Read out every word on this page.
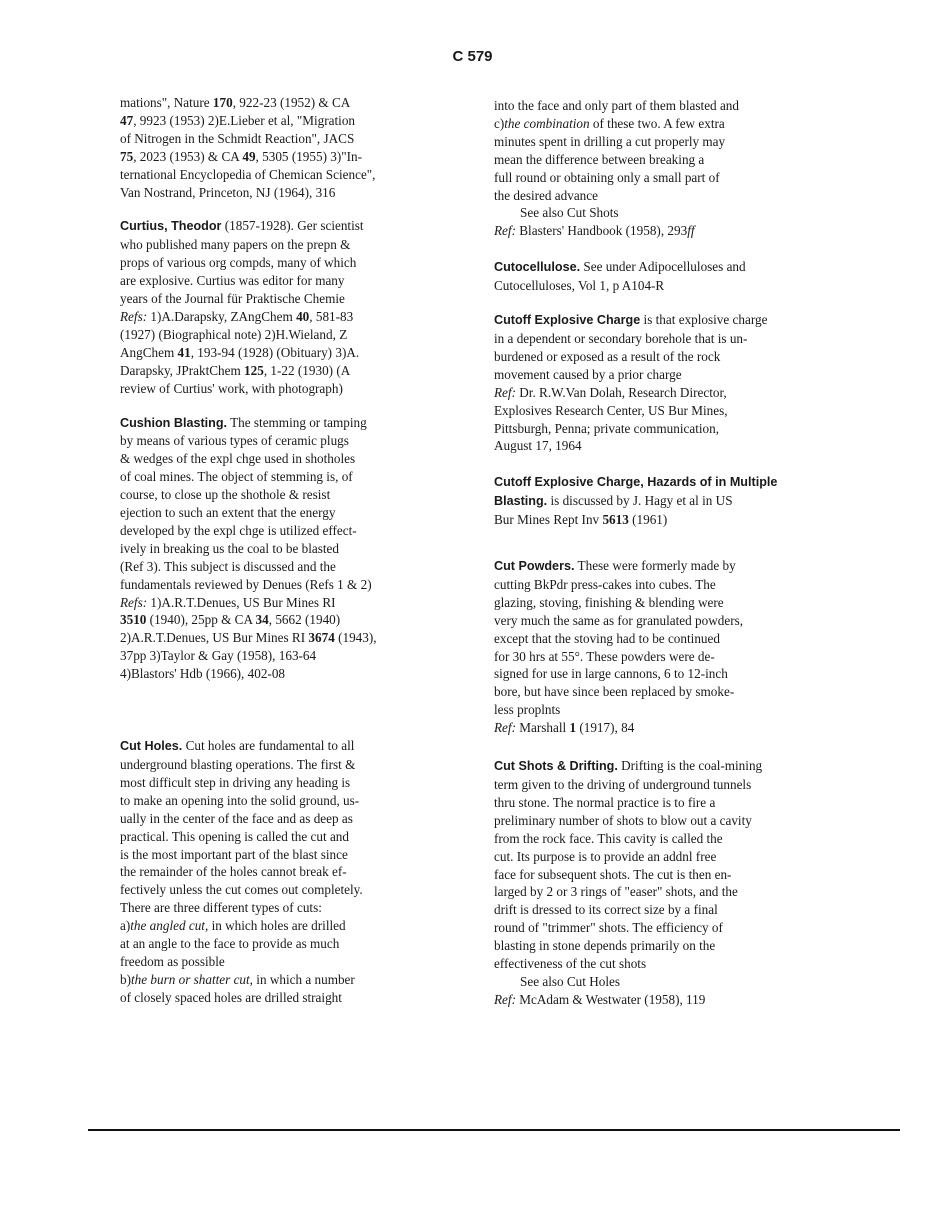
C 579
mations", Nature 170, 922-23 (1952) & CA
47, 9923 (1953) 2)E.Lieber et al, "Migration
of Nitrogen in the Schmidt Reaction", JACS
75, 2023 (1953) & CA 49, 5305 (1955) 3)"In-
ternational Encyclopedia of Chemican Science",
Van Nostrand, Princeton, NJ (1964), 316
Curtius, Theodor (1857-1928). Ger scientist
who published many papers on the prepn &
props of various org compds, many of which
are explosive. Curtius was editor for many
years of the Journal für Praktische Chemie
Refs: 1)A.Darapsky, ZAngChem 40, 581-83
(1927) (Biographical note) 2)H.Wieland, Z
AngChem 41, 193-94 (1928) (Obituary) 3)A.
Darapsky, JPraktChem 125, 1-22 (1930) (A
review of Curtius' work, with photograph)
Cushion Blasting. The stemming or tamping
by means of various types of ceramic plugs
& wedges of the expl chge used in shotholes
of coal mines. The object of stemming is, of
course, to close up the shothole & resist
ejection to such an extent that the energy
developed by the expl chge is utilized effect-
ively in breaking us the coal to be blasted
(Ref 3). This subject is discussed and the
fundamentals reviewed by Denues (Refs 1 & 2)
Refs: 1)A.R.T.Denues, US Bur Mines RI
3510 (1940), 25pp & CA 34, 5662 (1940)
2)A.R.T.Denues, US Bur Mines RI 3674 (1943),
37pp 3)Taylor & Gay (1958), 163-64
4)Blastors' Hdb (1966), 402-08
Cut Holes. Cut holes are fundamental to all
underground blasting operations. The first &
most difficult step in driving any heading is
to make an opening into the solid ground, us-
ually in the center of the face and as deep as
practical. This opening is called the cut and
is the most important part of the blast since
the remainder of the holes cannot break ef-
fectively unless the cut comes out completely.
There are three different types of cuts:
a)the angled cut, in which holes are drilled
at an angle to the face to provide as much
freedom as possible
b)the burn or shatter cut, in which a number
of closely spaced holes are drilled straight
into the face and only part of them blasted and
c)the combination of these two. A few extra
minutes spent in drilling a cut properly may
mean the difference between breaking a
full round or obtaining only a small part of
the desired advance
See also Cut Shots
Ref: Blasters' Handbook (1958), 293ff
Cutocellulose. See under Adipocelluloses and
Cutocelluloses, Vol 1, p A104-R
Cutoff Explosive Charge is that explosive charge
in a dependent or secondary borehole that is un-
burdened or exposed as a result of the rock
movement caused by a prior charge
Ref: Dr. R.W.Van Dolah, Research Director,
Explosives Research Center, US Bur Mines,
Pittsburgh, Penna; private communication,
August 17, 1964
Cutoff Explosive Charge, Hazards of in Multiple
Blasting. is discussed by J. Hagy et al in US
Bur Mines Rept Inv 5613 (1961)
Cut Powders. These were formerly made by
cutting BkPdr press-cakes into cubes. The
glazing, stoving, finishing & blending were
very much the same as for granulated powders,
except that the stoving had to be continued
for 30 hrs at 55°. These powders were de-
signed for use in large cannons, 6 to 12-inch
bore, but have since been replaced by smoke-
less proplnts
Ref: Marshall 1 (1917), 84
Cut Shots & Drifting. Drifting is the coal-mining
term given to the driving of underground tunnels
thru stone. The normal practice is to fire a
preliminary number of shots to blow out a cavity
from the rock face. This cavity is called the
cut. Its purpose is to provide an addnl free
face for subsequent shots. The cut is then en-
larged by 2 or 3 rings of "easer" shots, and the
drift is dressed to its correct size by a final
round of "trimmer" shots. The efficiency of
blasting in stone depends primarily on the
effectiveness of the cut shots
See also Cut Holes
Ref: McAdam & Westwater (1958), 119
